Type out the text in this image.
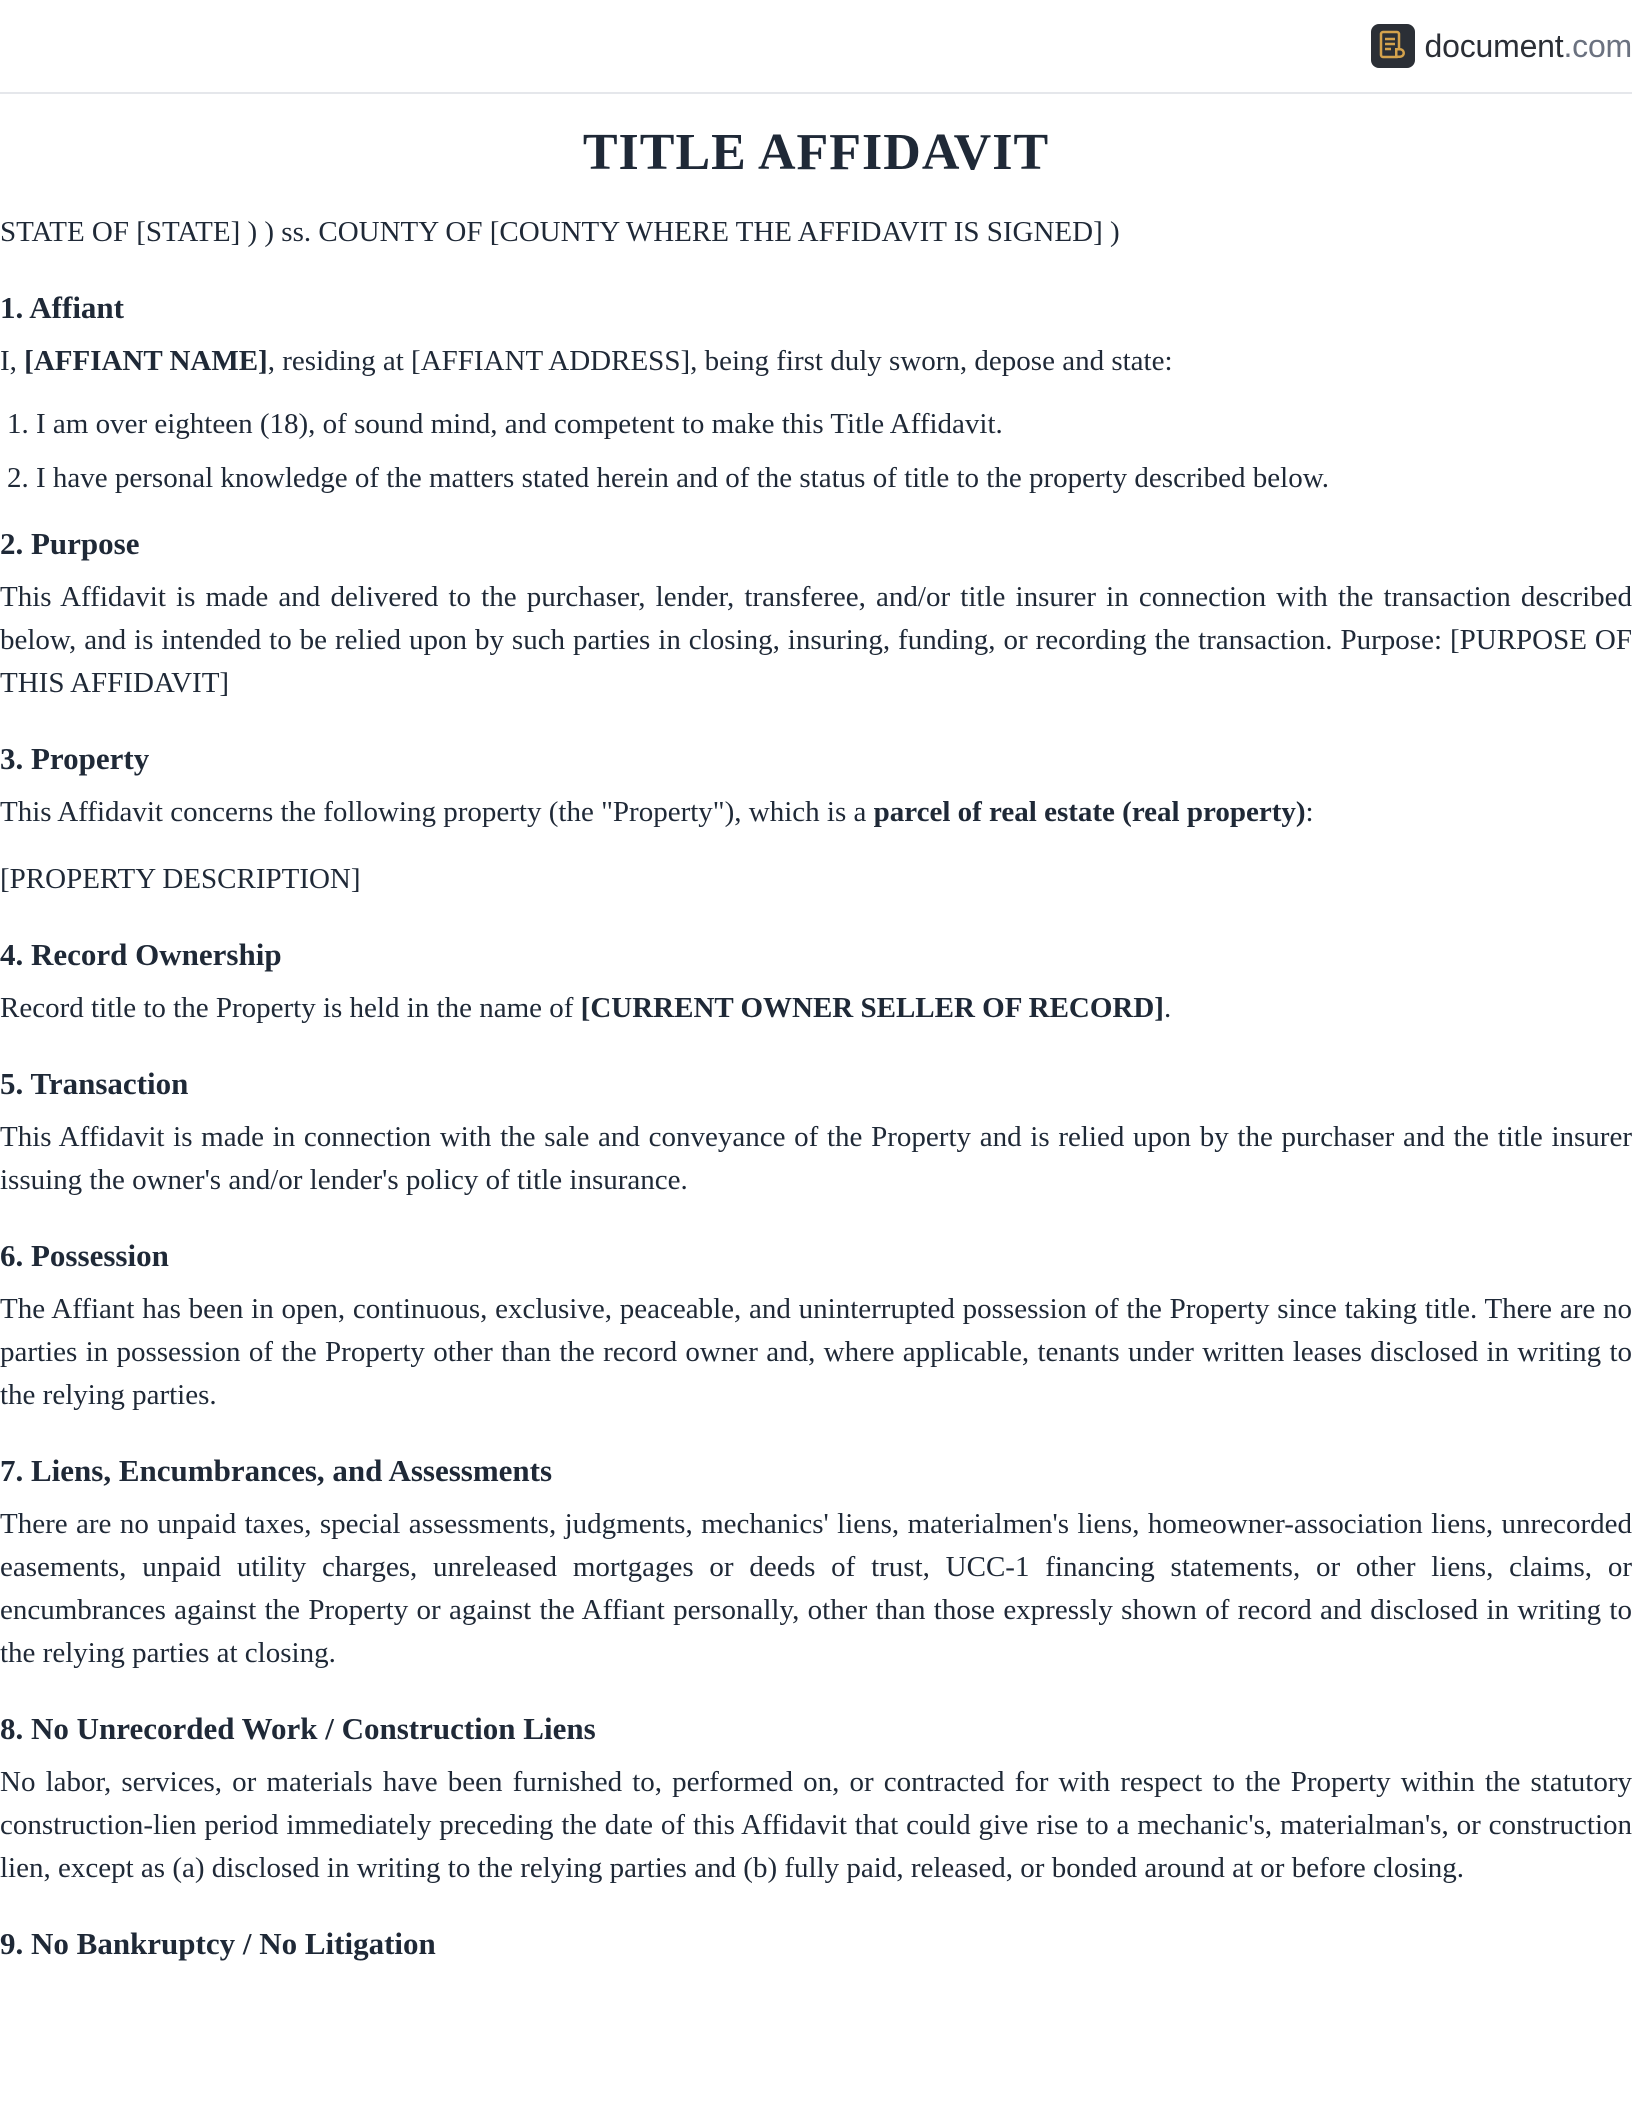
document.com
TITLE AFFIDAVIT

STATE OF [STATE] ) ) ss. COUNTY OF [COUNTY WHERE THE AFFIDAVIT IS SIGNED] )

1. Affiant

I, [AFFIANT NAME], residing at [AFFIANT ADDRESS], being first duly sworn, depose and state:

1. I am over eighteen (18), of sound mind, and competent to make this Title Affidavit.
2. I have personal knowledge of the matters stated herein and of the status of title to the property described below.
2. Purpose

This Affidavit is made and delivered to the purchaser, lender, transferee, and/or title insurer in connection with the transaction described below, and is intended to be relied upon by such parties in closing, insuring, funding, or recording the transaction. Purpose: [PURPOSE OF THIS AFFIDAVIT]

3. Property

This Affidavit concerns the following property (the "Property"), which is a parcel of real estate (real property):

[PROPERTY DESCRIPTION]

4. Record Ownership

Record title to the Property is held in the name of [CURRENT OWNER SELLER OF RECORD].

5. Transaction

This Affidavit is made in connection with the sale and conveyance of the Property and is relied upon by the purchaser and the title insurer issuing the owner's and/or lender's policy of title insurance.

6. Possession

The Affiant has been in open, continuous, exclusive, peaceable, and uninterrupted possession of the Property since taking title. There are no parties in possession of the Property other than the record owner and, where applicable, tenants under written leases disclosed in writing to the relying parties.

7. Liens, Encumbrances, and Assessments

There are no unpaid taxes, special assessments, judgments, mechanics' liens, materialmen's liens, homeowner-association liens, unrecorded easements, unpaid utility charges, unreleased mortgages or deeds of trust, UCC-1 financing statements, or other liens, claims, or encumbrances against the Property or against the Affiant personally, other than those expressly shown of record and disclosed in writing to the relying parties at closing.

8. No Unrecorded Work / Construction Liens

No labor, services, or materials have been furnished to, performed on, or contracted for with respect to the Property within the statutory construction-lien period immediately preceding the date of this Affidavit that could give rise to a mechanic's, materialman's, or construction lien, except as (a) disclosed in writing to the relying parties and (b) fully paid, released, or bonded around at or before closing.

9. No Bankruptcy / No Litigation
